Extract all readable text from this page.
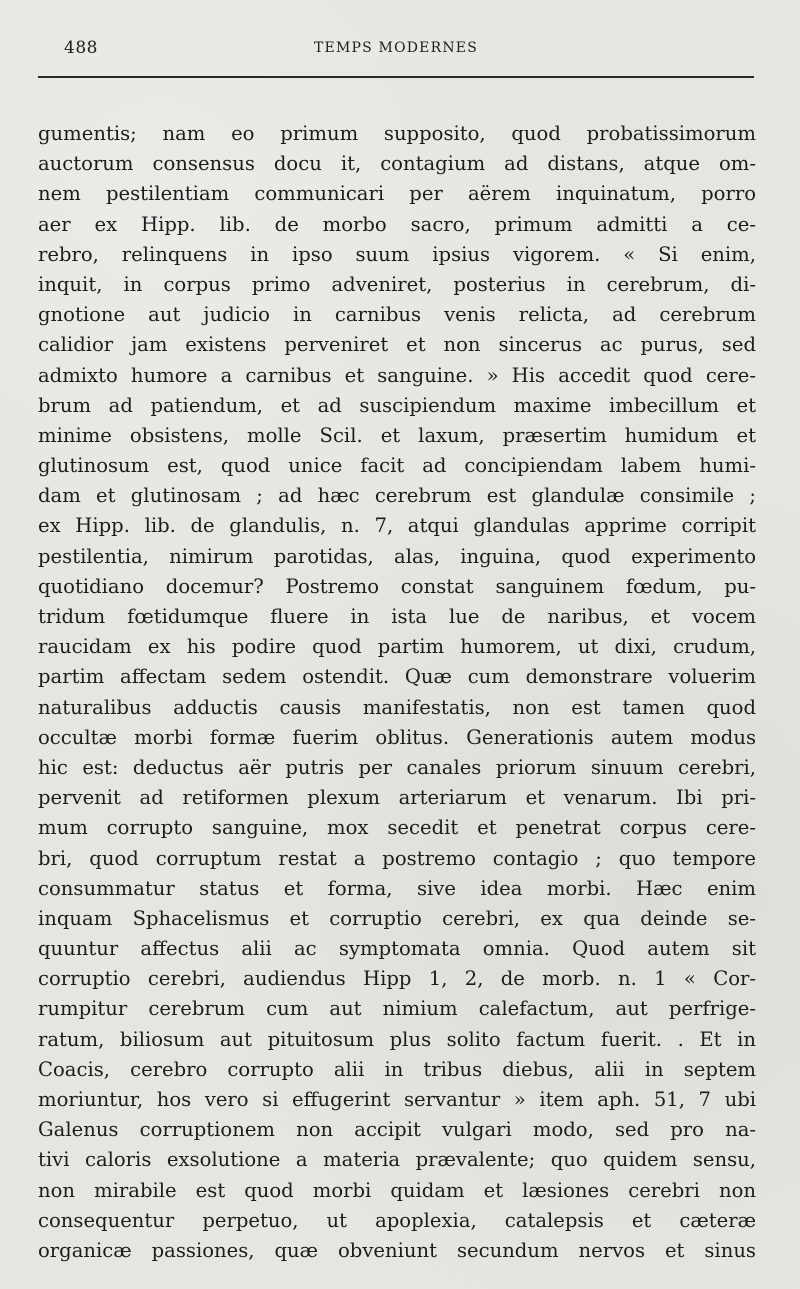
488	TEMPS MODERNES
gumentis; nam eo primum supposito, quod probatissimorum
auctorum consensus docu it, contagium ad distans, atque om-
nem pestilentiam communicari per aërem inquinatum, porro
aer ex Hipp. lib. de morbo sacro, primum admitti a ce-
rebro, relinquens in ipso suum ipsius vigorem. « Si enim,
inquit, in corpus primo adveniret, posterius in cerebrum, di-
gnotione aut judicio in carnibus venis relicta, ad cerebrum
calidior jam existens perveniret et non sincerus ac purus, sed
admixto humore a carnibus et sanguine. » His accedit quod cere-
brum ad patiendum, et ad suscipiendum maxime imbecillum et
minime obsistens, molle Scil. et laxum, præsertim humidum et
glutinosum est, quod unice facit ad concipiendam labem humi-
dam et glutinosam ; ad hæc cerebrum est glandulæ consimile ;
ex Hipp. lib. de glandulis, n. 7, atqui glandulas apprime corripit
pestilentia, nimirum parotidas, alas, inguina, quod experimento
quotidiano docemur? Postremo constat sanguinem fœdum, pu-
tridum fœtidumque fluere in ista lue de naribus, et vocem
raucidam ex his podire quod partim humorem, ut dixi, crudum,
partim affectam sedem ostendit. Quæ cum demonstrare voluerim
naturalibus adductis causis manifestatis, non est tamen quod
occultæ morbi formæ fuerim oblitus. Generationis autem modus
hic est: deductus aër putris per canales priorum sinuum cerebri,
pervenit ad retiformen plexum arteriarum et venarum. Ibi pri-
mum corrupto sanguine, mox secedit et penetrat corpus cere-
bri, quod corruptum restat a postremo contagio ; quo tempore
consummatur status et forma, sive idea morbi. Hæc enim
inquam Sphacelismus et corruptio cerebri, ex qua deinde se-
quuntur affectus alii ac symptomata omnia. Quod autem sit
corruptio cerebri, audiendus Hipp 1, 2, de morb. n. 1 « Cor-
rumpitur cerebrum cum aut nimium calefactum, aut perfrige-
ratum, biliosum aut pituitosum plus solito factum fuerit. . Et in
Coacis, cerebro corrupto alii in tribus diebus, alii in septem
moriuntur, hos vero si effugerint servantur » item aph. 51, 7 ubi
Galenus corruptionem non accipit vulgari modo, sed pro na-
tivi caloris exsolutione a materia prævalente; quo quidem sensu,
non mirabile est quod morbi quidam et læsiones cerebri non
consequentur perpetuo, ut apoplexia, catalepsis et cæteræ
organicæ passiones, quæ obveniunt secundum nervos et sinus
